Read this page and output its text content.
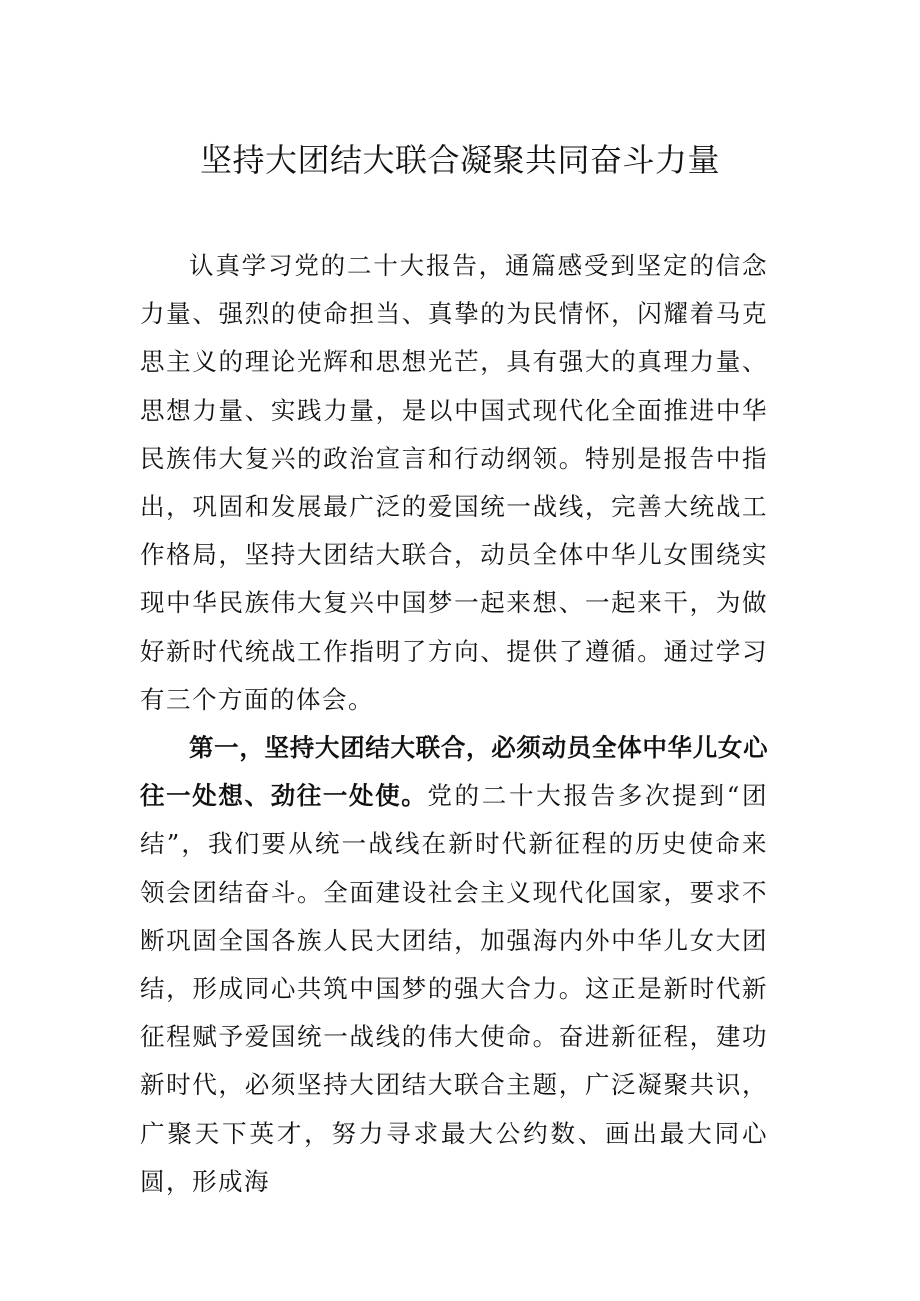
坚持大团结大联合凝聚共同奋斗力量

认真学习党的二十大报告，通篇感受到坚定的信念力量、强烈的使命担当、真挚的为民情怀，闪耀着马克思主义的理论光辉和思想光芒，具有强大的真理力量、思想力量、实践力量，是以中国式现代化全面推进中华民族伟大复兴的政治宣言和行动纲领。特别是报告中指出，巩固和发展最广泛的爱国统一战线，完善大统战工作格局，坚持大团结大联合，动员全体中华儿女围绕实现中华民族伟大复兴中国梦一起来想、一起来干，为做好新时代统战工作指明了方向、提供了遵循。通过学习有三个方面的体会。

第一，坚持大团结大联合，必须动员全体中华儿女心往一处想、劲往一处使。党的二十大报告多次提到“团结”，我们要从统一战线在新时代新征程的历史使命来领会团结奋斗。全面建设社会主义现代化国家，要求不断巩固全国各族人民大团结，加强海内外中华儿女大团结，形成同心共筑中国梦的强大合力。这正是新时代新征程赋予爱国统一战线的伟大使命。奋进新征程，建功新时代，必须坚持大团结大联合主题，广泛凝聚共识，广聚天下英才，努力寻求最大公约数、画出最大同心圆，形成海
